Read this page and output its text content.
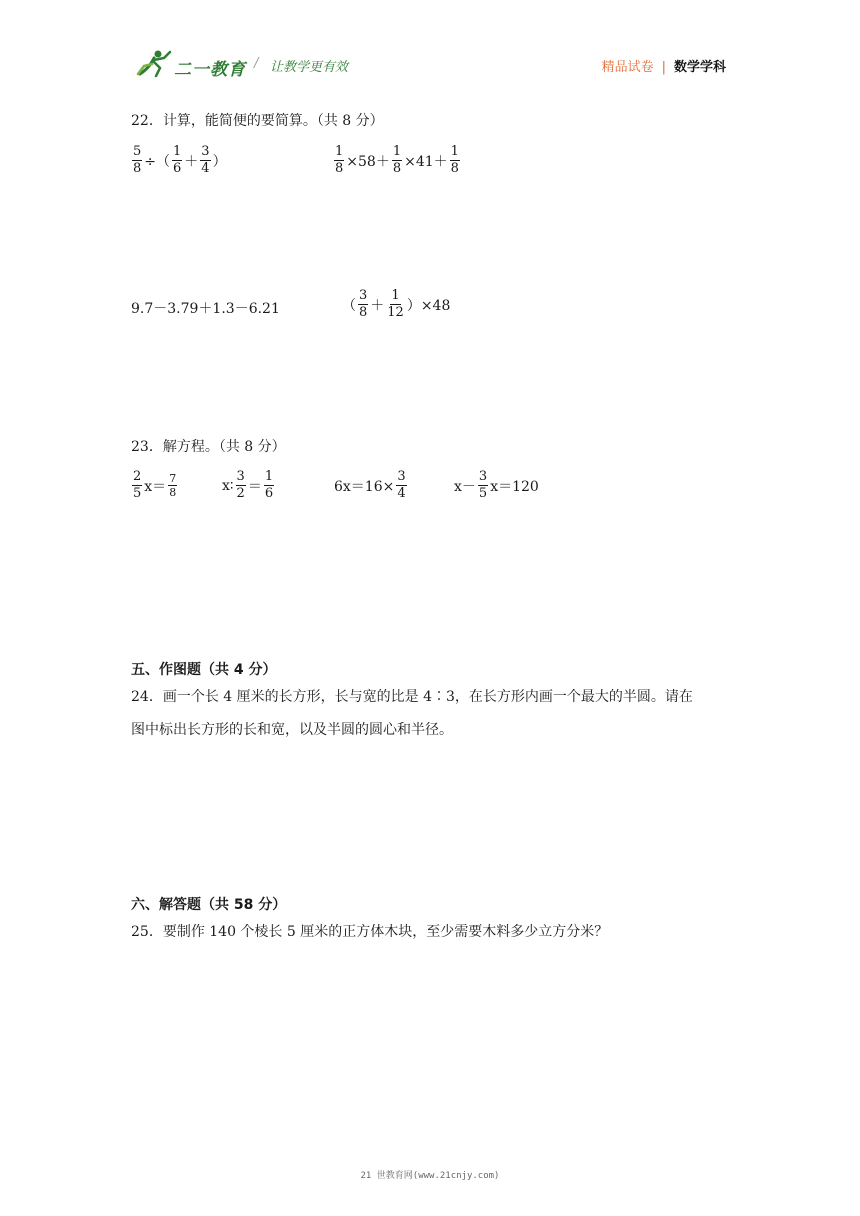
二一教育 / 让教学更有效	精品试卷 | 数学学科
22．计算，能简便的要简算。（共 8 分）
$\frac{5}{8}$ ÷（ $\frac{1}{6} + \frac{3}{4}$ ）	$\frac{1}{8} \times 58+ \frac{1}{8} \times 41+ \frac{1}{8}$
9.7－3.79＋1.3－6.21	（ $\frac{3}{8} + \frac{1}{12} )\times 48$
23．解方程。（共 8 分）
$\frac{2}{5} x= \frac{7}{8}$	x∶ $\frac{3}{2} = \frac{1}{6}$	$6x=16\times \frac{3}{4}$	$x- \frac{3}{5} x=120$
五、作图题（共 4 分）
24．画一个长 4 厘米的长方形，长与宽的比是 4∶3，在长方形内画一个最大的半圆。请在
图中标出长方形的长和宽，以及半圆的圆心和半径。
六、解答题（共 58 分）
25．要制作 140 个棱长 5 厘米的正方体木块，至少需要木料多少立方分米？
21 世教育网(www.21cnjy.com)
